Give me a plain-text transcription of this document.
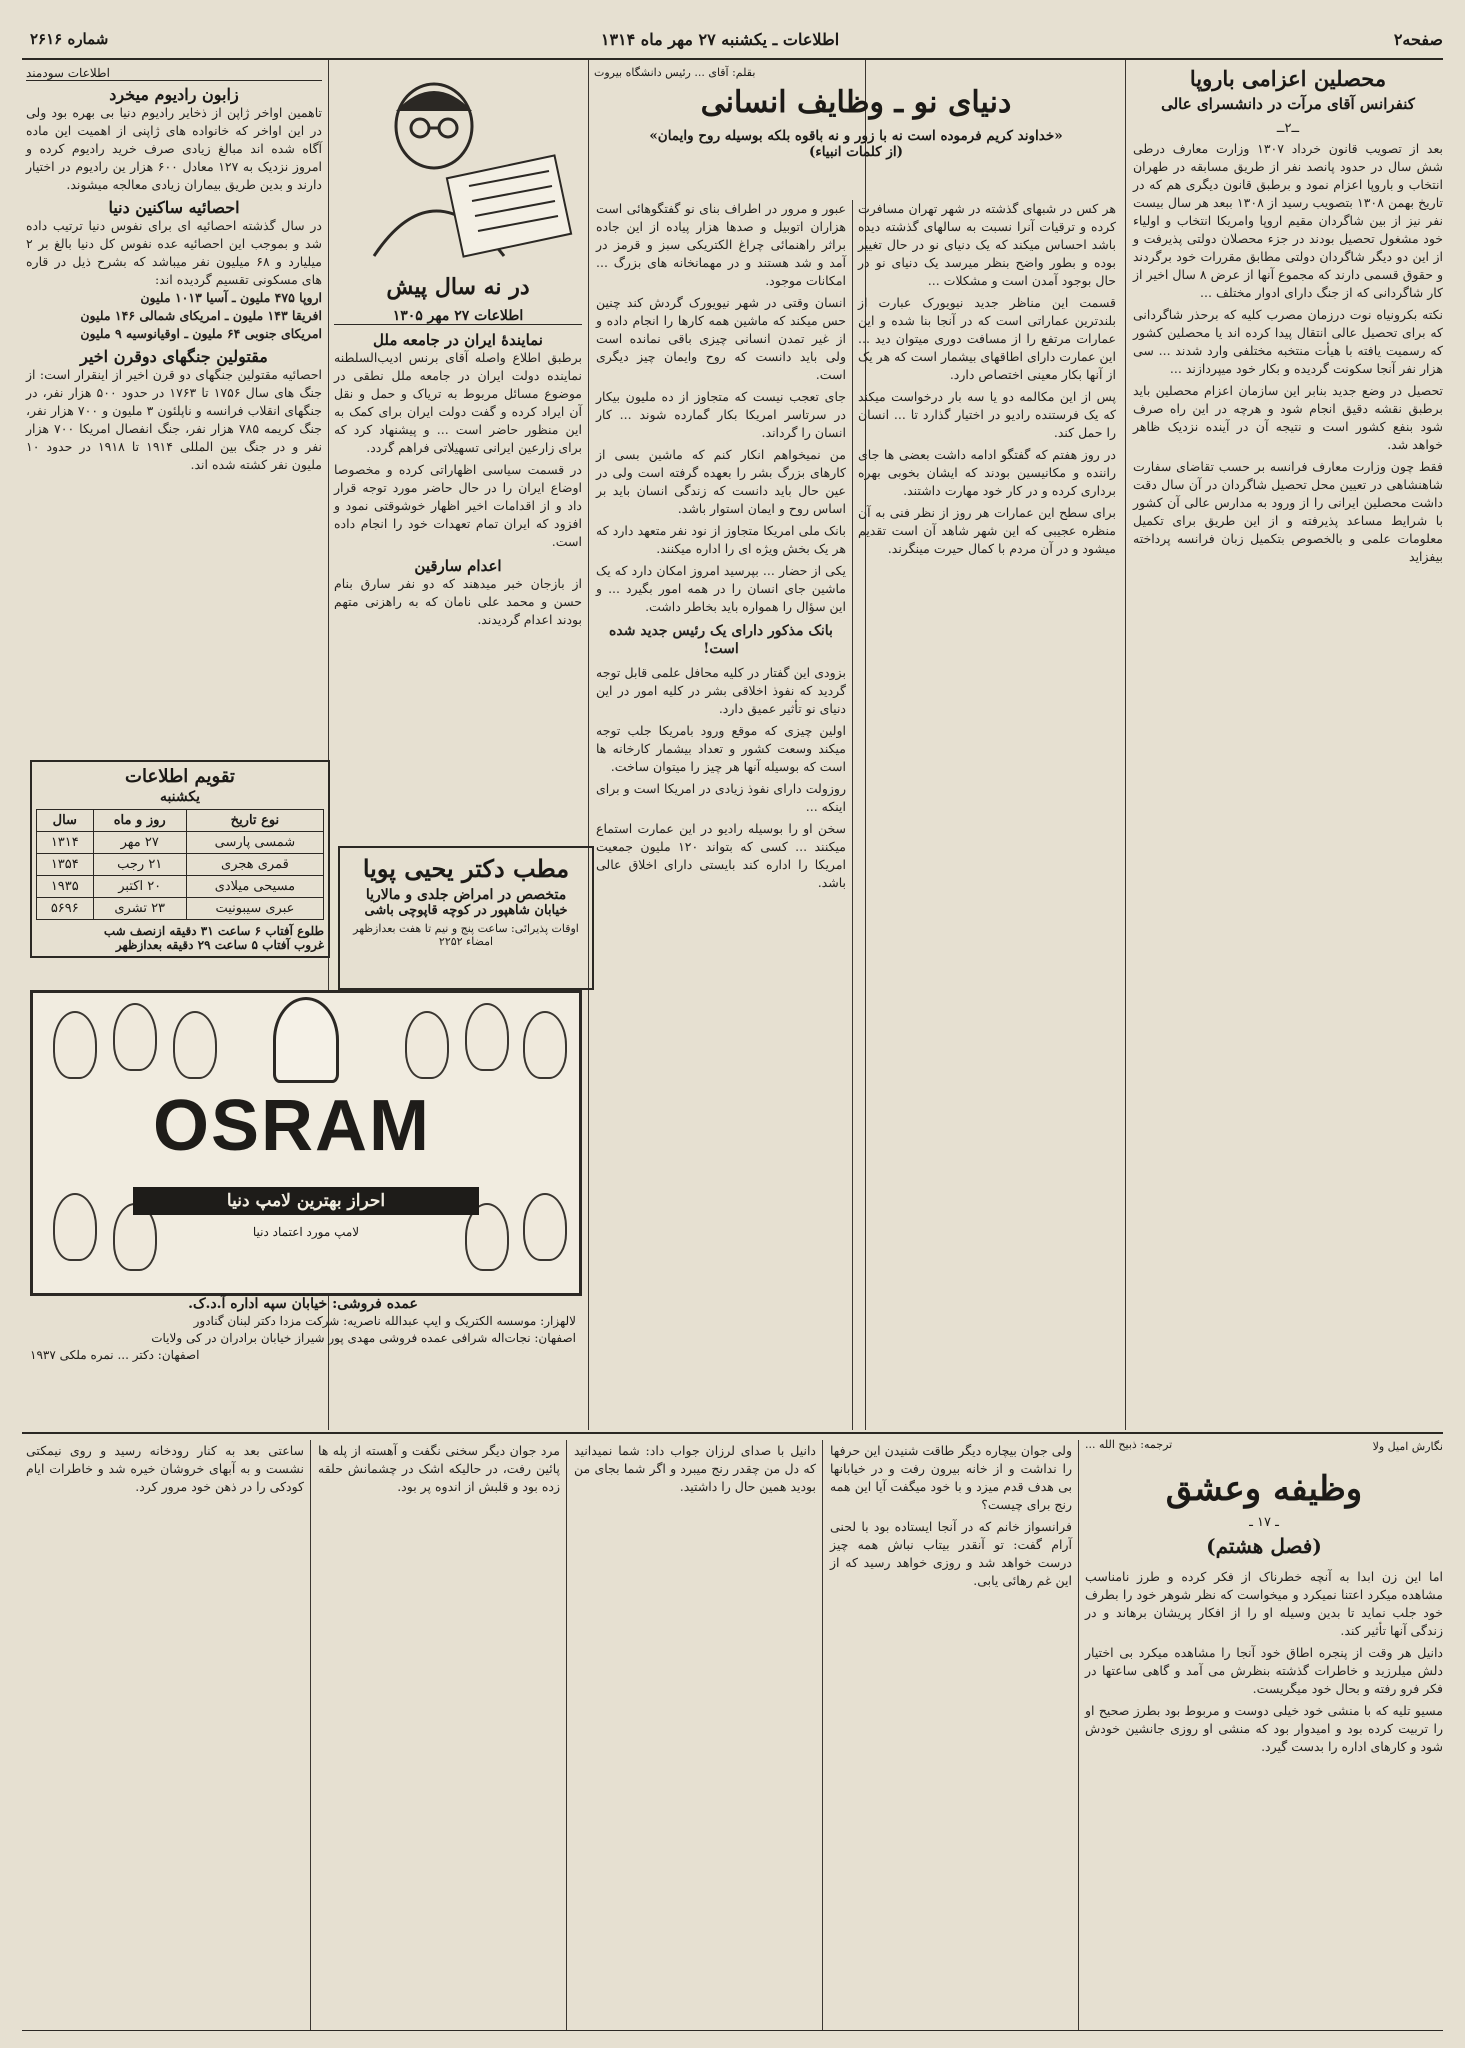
صفحه۲
اطلاعات ـ یکشنبه ۲۷ مهر ماه ۱۳۱۴
شماره ۲۶۱۶
محصلین اعزامی باروپا
کنفرانس آقای مرآت در دانشسرای عالی
ــ۲ــ

بعد از تصویب قانون خرداد ۱۳۰۷ وزارت معارف درطی شش سال در حدود پانصد نفر از طریق مسابقه در طهران انتخاب و باروپا اعزام نمود و برطبق قانون دیگری هم که در تاریخ بهمن ۱۳۰۸ بتصویب رسید از ۱۳۰۸ ببعد هر سال بیست نفر نیز از بین شاگردان مقیم اروپا وامریکا انتخاب و اولیاء خود مشغول تحصیل بودند در جزء محصلان دولتی پذیرفت و از این دو دیگر شاگردان دولتی مطابق مقررات خود برگردند و حقوق قسمی دارند که مجموع آنها از عرض ۸ سال اخیر از کار شاگردانی که از جنگ دارای ادوار مختلف ...

نکته بکرونیاه نوت درزمان مصرب کلیه که برحذر شاگردانی که برای تحصیل عالی انتقال پیدا کرده اند یا محصلین کشور که رسمیت یافته با هیأت منتخبه مختلفی وارد شدند ... سی هزار نفر آنجا سکونت گردیده و بکار خود میپردازند ...

تحصیل در وضع جدید بنابر این سازمان اعزام محصلین باید برطبق نقشه دقیق انجام شود و هرچه در این راه صرف شود بنفع کشور است و نتیجه آن در آینده نزدیک ظاهر خواهد شد.

فقط چون وزارت معارف فرانسه بر حسب تقاضای سفارت شاهنشاهی در تعیین محل تحصیل شاگردان در آن سال دقت داشت محصلین ایرانی را از ورود به مدارس عالی آن کشور با شرایط مساعد پذیرفته و از این طریق برای تکمیل معلومات علمی و بالخصوص بتکمیل زبان فرانسه پرداخته بیفزاید

بقلم: آقای ... رئیس دانشگاه بیروت
دنیای نو ـ وظایف انسانی
«خداوند کریم فرموده است نه با زور و نه باقوه بلکه بوسیله روح وایمان»
(از کلمات انبیاء)

هر کس در شبهای گذشته در شهر تهران مسافرت کرده و ترقیات آنرا نسبت به سالهای گذشته دیده باشد احساس میکند که یک دنیای نو در حال تغییر بوده و بطور واضح بنظر میرسد یک دنیای نو در حال بوجود آمدن است و مشکلات ...

قسمت این مناظر جدید نیویورک عبارت از بلندترین عماراتی است که در آنجا بنا شده و این عمارات مرتفع را از مسافت دوری میتوان دید ... این عمارت دارای اطاقهای بیشمار است که هر یک از آنها بکار معینی اختصاص دارد.

پس از این مکالمه دو یا سه بار درخواست میکند که یک فرستنده رادیو در اختیار گذارد تا ... انسان را حمل کند.

در روز هفتم که گفتگو ادامه داشت بعضی ها جای راننده و مکانیسین بودند که ایشان بخوبی بهره برداری کرده و در کار خود مهارت داشتند.

برای سطح این عمارات هر روز از نظر فنی به آن منظره عجیبی که این شهر شاهد آن است تقدیم میشود و در آن مردم با کمال حیرت مینگرند.

عبور و مرور در اطراف بنای نو گفتگوهائی است هزاران اتوبیل و صدها هزار پیاده از این جاده براثر راهنمائی چراغ الکتریکی سبز و قرمز در آمد و شد هستند و در مهمانخانه های بزرگ ... امکانات موجود.

انسان وقتی در شهر نیویورک گردش کند چنین حس میکند که ماشین همه کارها را انجام داده و از غیر تمدن انسانی چیزی باقی نمانده است ولی باید دانست که روح وایمان چیز دیگری است.

جای تعجب نیست که متجاوز از ده ملیون بیکار در سرتاسر امریکا بکار گمارده شوند ... کار انسان را گرداند.

من نمیخواهم انکار کنم که ماشین بسی از کارهای بزرگ بشر را بعهده گرفته است ولی در عین حال باید دانست که زندگی انسان باید بر اساس روح و ایمان استوار باشد.

بانک ملی امریکا متجاوز از نود نفر متعهد دارد که هر یک بخش ویژه ای را اداره میکنند.

یکی از حضار ... بپرسید امروز امکان دارد که یک ماشین جای انسان را در همه امور بگیرد ... و این سؤال را همواره باید بخاطر داشت.

بانک مذکور دارای یک رئیس جدید شده است!

بزودی این گفتار در کلیه محافل علمی قابل توجه گردید که نفوذ اخلاقی بشر در کلیه امور در این دنیای نو تأثیر عمیق دارد.

اولین چیزی که موقع ورود بامریکا جلب توجه میکند وسعت کشور و تعداد بیشمار کارخانه ها است که بوسیله آنها هر چیز را میتوان ساخت.

روزولت دارای نفوذ زیادی در امریکا است و برای اینکه ...

سخن او را بوسیله رادیو در این عمارت استماع میکنند ... کسی که بتواند ۱۲۰ ملیون جمعیت امریکا را اداره کند بایستی دارای اخلاق عالی باشد.

در نه سال پیش
اطلاعات ۲۷ مهر ۱۳۰۵
نمایندهٔ ایران در جامعه ملل
برطبق اطلاع واصله آقای برنس ادیب‌السلطنه نماینده دولت ایران در جامعه ملل نطقی در موضوع مسائل مربوط به تریاک و حمل و نقل آن ایراد کرده و گفت دولت ایران برای کمک به این منظور حاضر است ... و پیشنهاد کرد که برای زارعین ایرانی تسهیلاتی فراهم گردد.
در قسمت سیاسی اظهاراتی کرده و مخصوصا اوضاع ایران را در حال حاضر مورد توجه قرار داد و از اقدامات اخیر اظهار خوشوقتی نمود و افزود که ایران تمام تعهدات خود را انجام داده است.
اعدام سارقین
از بازجان خبر میدهند که دو نفر سارق بنام حسن و محمد علی نامان که به راهزنی متهم بودند اعدام گردیدند.
مطب دکتر یحیی پویا
متخصص در امراض جلدی و مالاریا
خیابان شاهپور در کوچه قاپوچی باشی
اوقات پذیرائی: ساعت پنج و نیم تا هفت بعدازظهر
امضاء ۲۲۵۲
اطلاعات سودمند
زابون رادیوم میخرد
تاهمین اواخر ژاپن از ذخایر رادیوم دنیا بی بهره بود ولی در این اواخر که خانواده های ژاپنی از اهمیت این ماده آگاه شده اند مبالغ زیادی صرف خرید رادیوم کرده و امروز نزدیک به ۱۲۷ معادل ۶۰۰ هزار ین رادیوم در اختیار دارند و بدین طریق بیماران زیادی معالجه میشوند.
احصائیه ساکنین دنیا
در سال گذشته احصائیه ای برای نفوس دنیا ترتیب داده شد و بموجب این احصائیه عده نفوس کل دنیا بالغ بر ۲ میلیارد و ۶۸ میلیون نفر میباشد که بشرح ذیل در قاره های مسکونی تقسیم گردیده اند:
اروپا ۴۷۵ ملیون ـ آسیا ۱۰۱۳ ملیون
افریقا ۱۴۳ ملیون ـ امریکای شمالی ۱۴۶ ملیون
امریکای جنوبی ۶۴ ملیون ـ اوقیانوسیه ۹ ملیون
مقتولین جنگهای دوقرن اخیر
احصائیه مقتولین جنگهای دو قرن اخیر از اینقرار است: از جنگ های سال ۱۷۵۶ تا ۱۷۶۳ در حدود ۵۰۰ هزار نفر، در جنگهای انقلاب فرانسه و ناپلئون ۳ ملیون و ۷۰۰ هزار نفر، جنگ کریمه ۷۸۵ هزار نفر، جنگ انفصال امریکا ۷۰۰ هزار نفر و در جنگ بین المللی ۱۹۱۴ تا ۱۹۱۸ در حدود ۱۰ ملیون نفر کشته شده اند.
تقویم اطلاعات
یکشنبه
نوع تاریخ	روز و ماه	سال
شمسی پارسی	۲۷ مهر	۱۳۱۴
قمری هجری	۲۱ رجب	۱۳۵۴
مسیحی میلادی	۲۰ اکتبر	۱۹۳۵
عبری سیبونیت	۲۳ تشری	۵۶۹۶
طلوع آفتاب ۶ ساعت ۳۱ دقیقه ازنصف شب
غروب آفتاب ۵ ساعت ۲۹ دقیقه بعدازظهر
OSRAM
احراز بهترین لامپ دنیا
لامپ مورد اعتماد دنیا
عمده فروشی: خیابان سپه اداره آ.د.ک.
لالهزار: موسسه الکتریک و ایپ عبدالله ناصریه: شرکت مزدا دکتر لبنان گنادور
اصفهان: نجات‌اله شرافی عمده فروشی مهدی پور شیراز خیابان برادران در کی ولایات
اصفهان: دکتر ... نمره ملکی ۱۹۳۷
نگارش امیل ولا
ترجمه: ذبیح الله ...
وظیفه وعشق
ـ ۱۷ ـ
(فصل هشتم)

اما این زن ابدا به آنچه خطرناک از فکر کرده و طرز نامناسب مشاهده میکرد اعتنا نمیکرد و میخواست که نظر شوهر خود را بطرف خود جلب نماید تا بدین وسیله او را از افکار پریشان برهاند و در زندگی آنها تأثیر کند.

دانیل هر وقت از پنجره اطاق خود آنجا را مشاهده میکرد بی اختیار دلش میلرزید و خاطرات گذشته بنظرش می آمد و گاهی ساعتها در فکر فرو رفته و بحال خود میگریست.

مسیو تلیه که با منشی خود خیلی دوست و مربوط بود بطرز صحیح او را تربیت کرده بود و امیدوار بود که منشی او روزی جانشین خودش شود و کارهای اداره را بدست گیرد.

ولی جوان بیچاره دیگر طاقت شنیدن این حرفها را نداشت و از خانه بیرون رفت و در خیابانها بی هدف قدم میزد و با خود میگفت آیا این همه رنج برای چیست؟

فرانسواز خانم که در آنجا ایستاده بود با لحنی آرام گفت: تو آنقدر بیتاب نباش همه چیز درست خواهد شد و روزی خواهد رسید که از این غم رهائی یابی.

دانیل با صدای لرزان جواب داد: شما نمیدانید که دل من چقدر رنج میبرد و اگر شما بجای من بودید همین حال را داشتید.

مرد جوان دیگر سخنی نگفت و آهسته از پله ها پائین رفت، در حالیکه اشک در چشمانش حلقه زده بود و قلبش از اندوه پر بود.

ساعتی بعد به کنار رودخانه رسید و روی نیمکتی نشست و به آبهای خروشان خیره شد و خاطرات ایام کودکی را در ذهن خود مرور کرد.
